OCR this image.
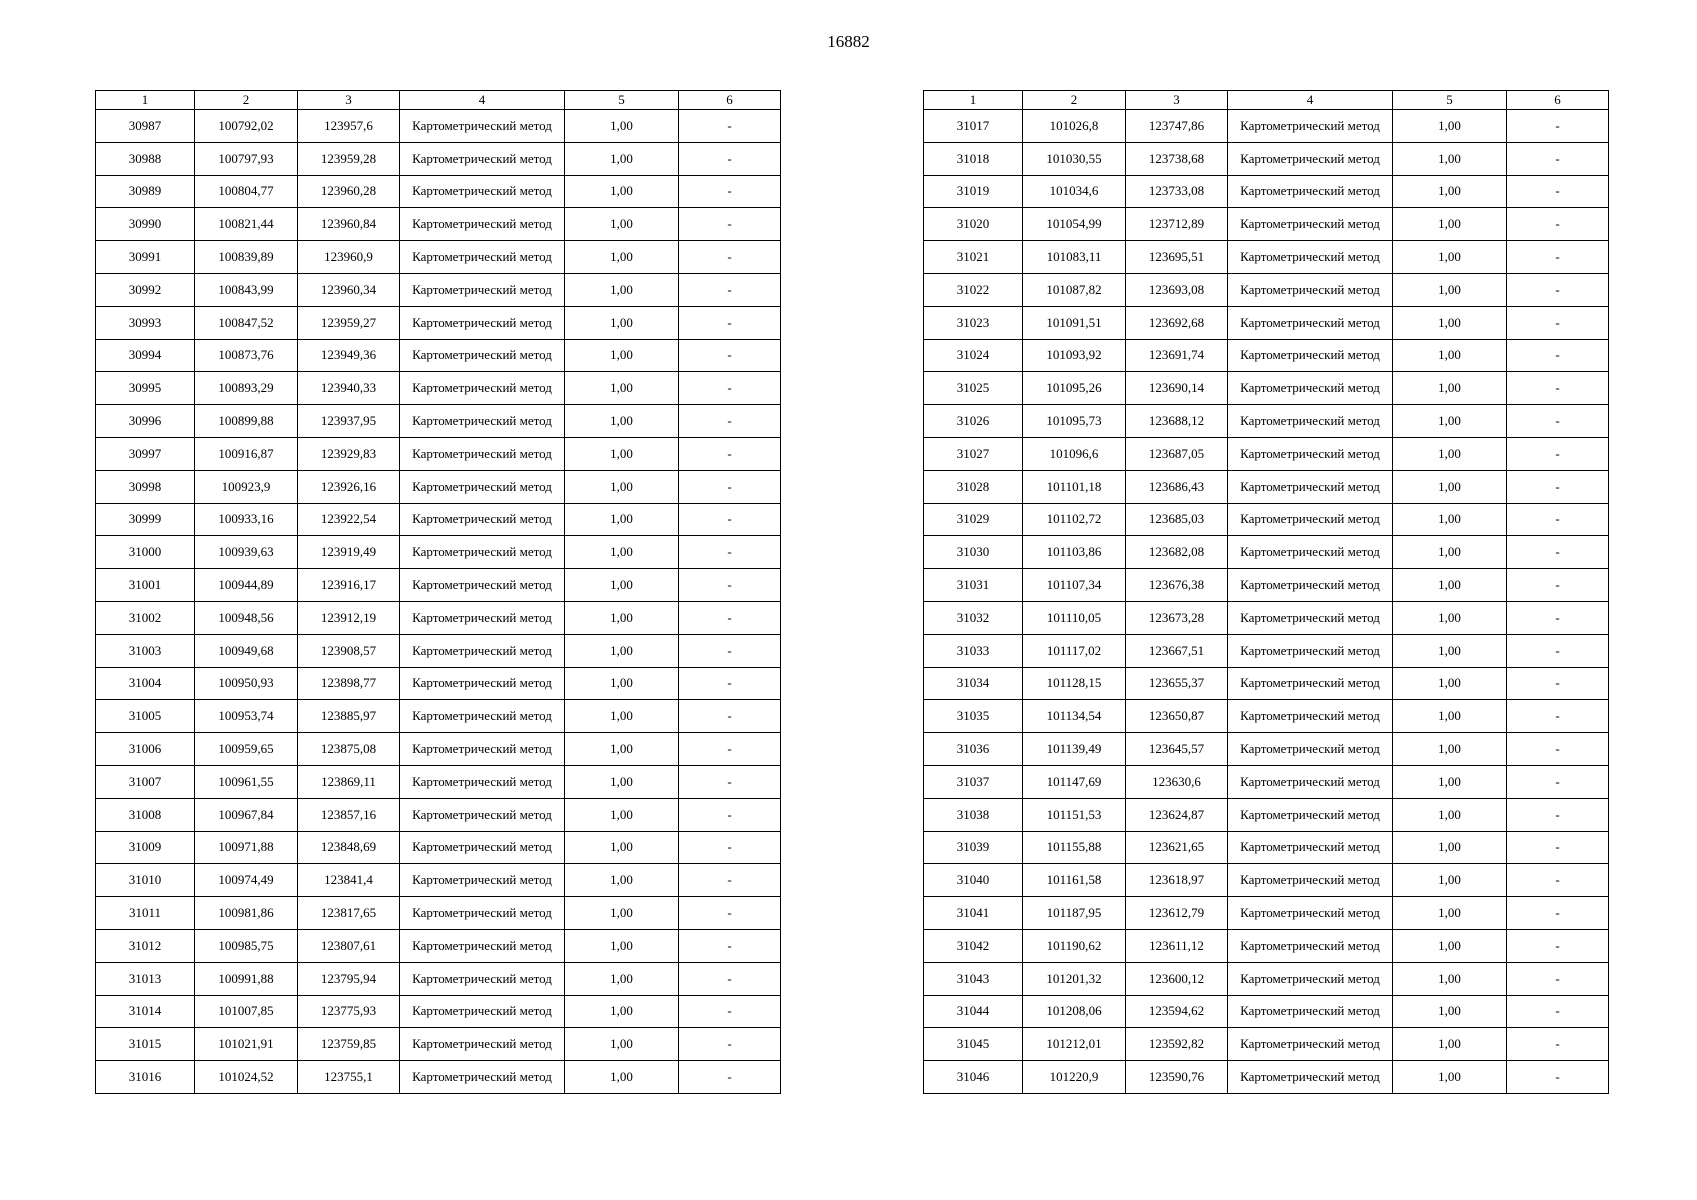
16882
1	2	3	4	5	6
30987	100792,02	123957,6	Картометрический метод	1,00	-
30988	100797,93	123959,28	Картометрический метод	1,00	-
30989	100804,77	123960,28	Картометрический метод	1,00	-
30990	100821,44	123960,84	Картометрический метод	1,00	-
30991	100839,89	123960,9	Картометрический метод	1,00	-
30992	100843,99	123960,34	Картометрический метод	1,00	-
30993	100847,52	123959,27	Картометрический метод	1,00	-
30994	100873,76	123949,36	Картометрический метод	1,00	-
30995	100893,29	123940,33	Картометрический метод	1,00	-
30996	100899,88	123937,95	Картометрический метод	1,00	-
30997	100916,87	123929,83	Картометрический метод	1,00	-
30998	100923,9	123926,16	Картометрический метод	1,00	-
30999	100933,16	123922,54	Картометрический метод	1,00	-
31000	100939,63	123919,49	Картометрический метод	1,00	-
31001	100944,89	123916,17	Картометрический метод	1,00	-
31002	100948,56	123912,19	Картометрический метод	1,00	-
31003	100949,68	123908,57	Картометрический метод	1,00	-
31004	100950,93	123898,77	Картометрический метод	1,00	-
31005	100953,74	123885,97	Картометрический метод	1,00	-
31006	100959,65	123875,08	Картометрический метод	1,00	-
31007	100961,55	123869,11	Картометрический метод	1,00	-
31008	100967,84	123857,16	Картометрический метод	1,00	-
31009	100971,88	123848,69	Картометрический метод	1,00	-
31010	100974,49	123841,4	Картометрический метод	1,00	-
31011	100981,86	123817,65	Картометрический метод	1,00	-
31012	100985,75	123807,61	Картометрический метод	1,00	-
31013	100991,88	123795,94	Картометрический метод	1,00	-
31014	101007,85	123775,93	Картометрический метод	1,00	-
31015	101021,91	123759,85	Картометрический метод	1,00	-
31016	101024,52	123755,1	Картометрический метод	1,00	-
1	2	3	4	5	6
31017	101026,8	123747,86	Картометрический метод	1,00	-
31018	101030,55	123738,68	Картометрический метод	1,00	-
31019	101034,6	123733,08	Картометрический метод	1,00	-
31020	101054,99	123712,89	Картометрический метод	1,00	-
31021	101083,11	123695,51	Картометрический метод	1,00	-
31022	101087,82	123693,08	Картометрический метод	1,00	-
31023	101091,51	123692,68	Картометрический метод	1,00	-
31024	101093,92	123691,74	Картометрический метод	1,00	-
31025	101095,26	123690,14	Картометрический метод	1,00	-
31026	101095,73	123688,12	Картометрический метод	1,00	-
31027	101096,6	123687,05	Картометрический метод	1,00	-
31028	101101,18	123686,43	Картометрический метод	1,00	-
31029	101102,72	123685,03	Картометрический метод	1,00	-
31030	101103,86	123682,08	Картометрический метод	1,00	-
31031	101107,34	123676,38	Картометрический метод	1,00	-
31032	101110,05	123673,28	Картометрический метод	1,00	-
31033	101117,02	123667,51	Картометрический метод	1,00	-
31034	101128,15	123655,37	Картометрический метод	1,00	-
31035	101134,54	123650,87	Картометрический метод	1,00	-
31036	101139,49	123645,57	Картометрический метод	1,00	-
31037	101147,69	123630,6	Картометрический метод	1,00	-
31038	101151,53	123624,87	Картометрический метод	1,00	-
31039	101155,88	123621,65	Картометрический метод	1,00	-
31040	101161,58	123618,97	Картометрический метод	1,00	-
31041	101187,95	123612,79	Картометрический метод	1,00	-
31042	101190,62	123611,12	Картометрический метод	1,00	-
31043	101201,32	123600,12	Картометрический метод	1,00	-
31044	101208,06	123594,62	Картометрический метод	1,00	-
31045	101212,01	123592,82	Картометрический метод	1,00	-
31046	101220,9	123590,76	Картометрический метод	1,00	-
